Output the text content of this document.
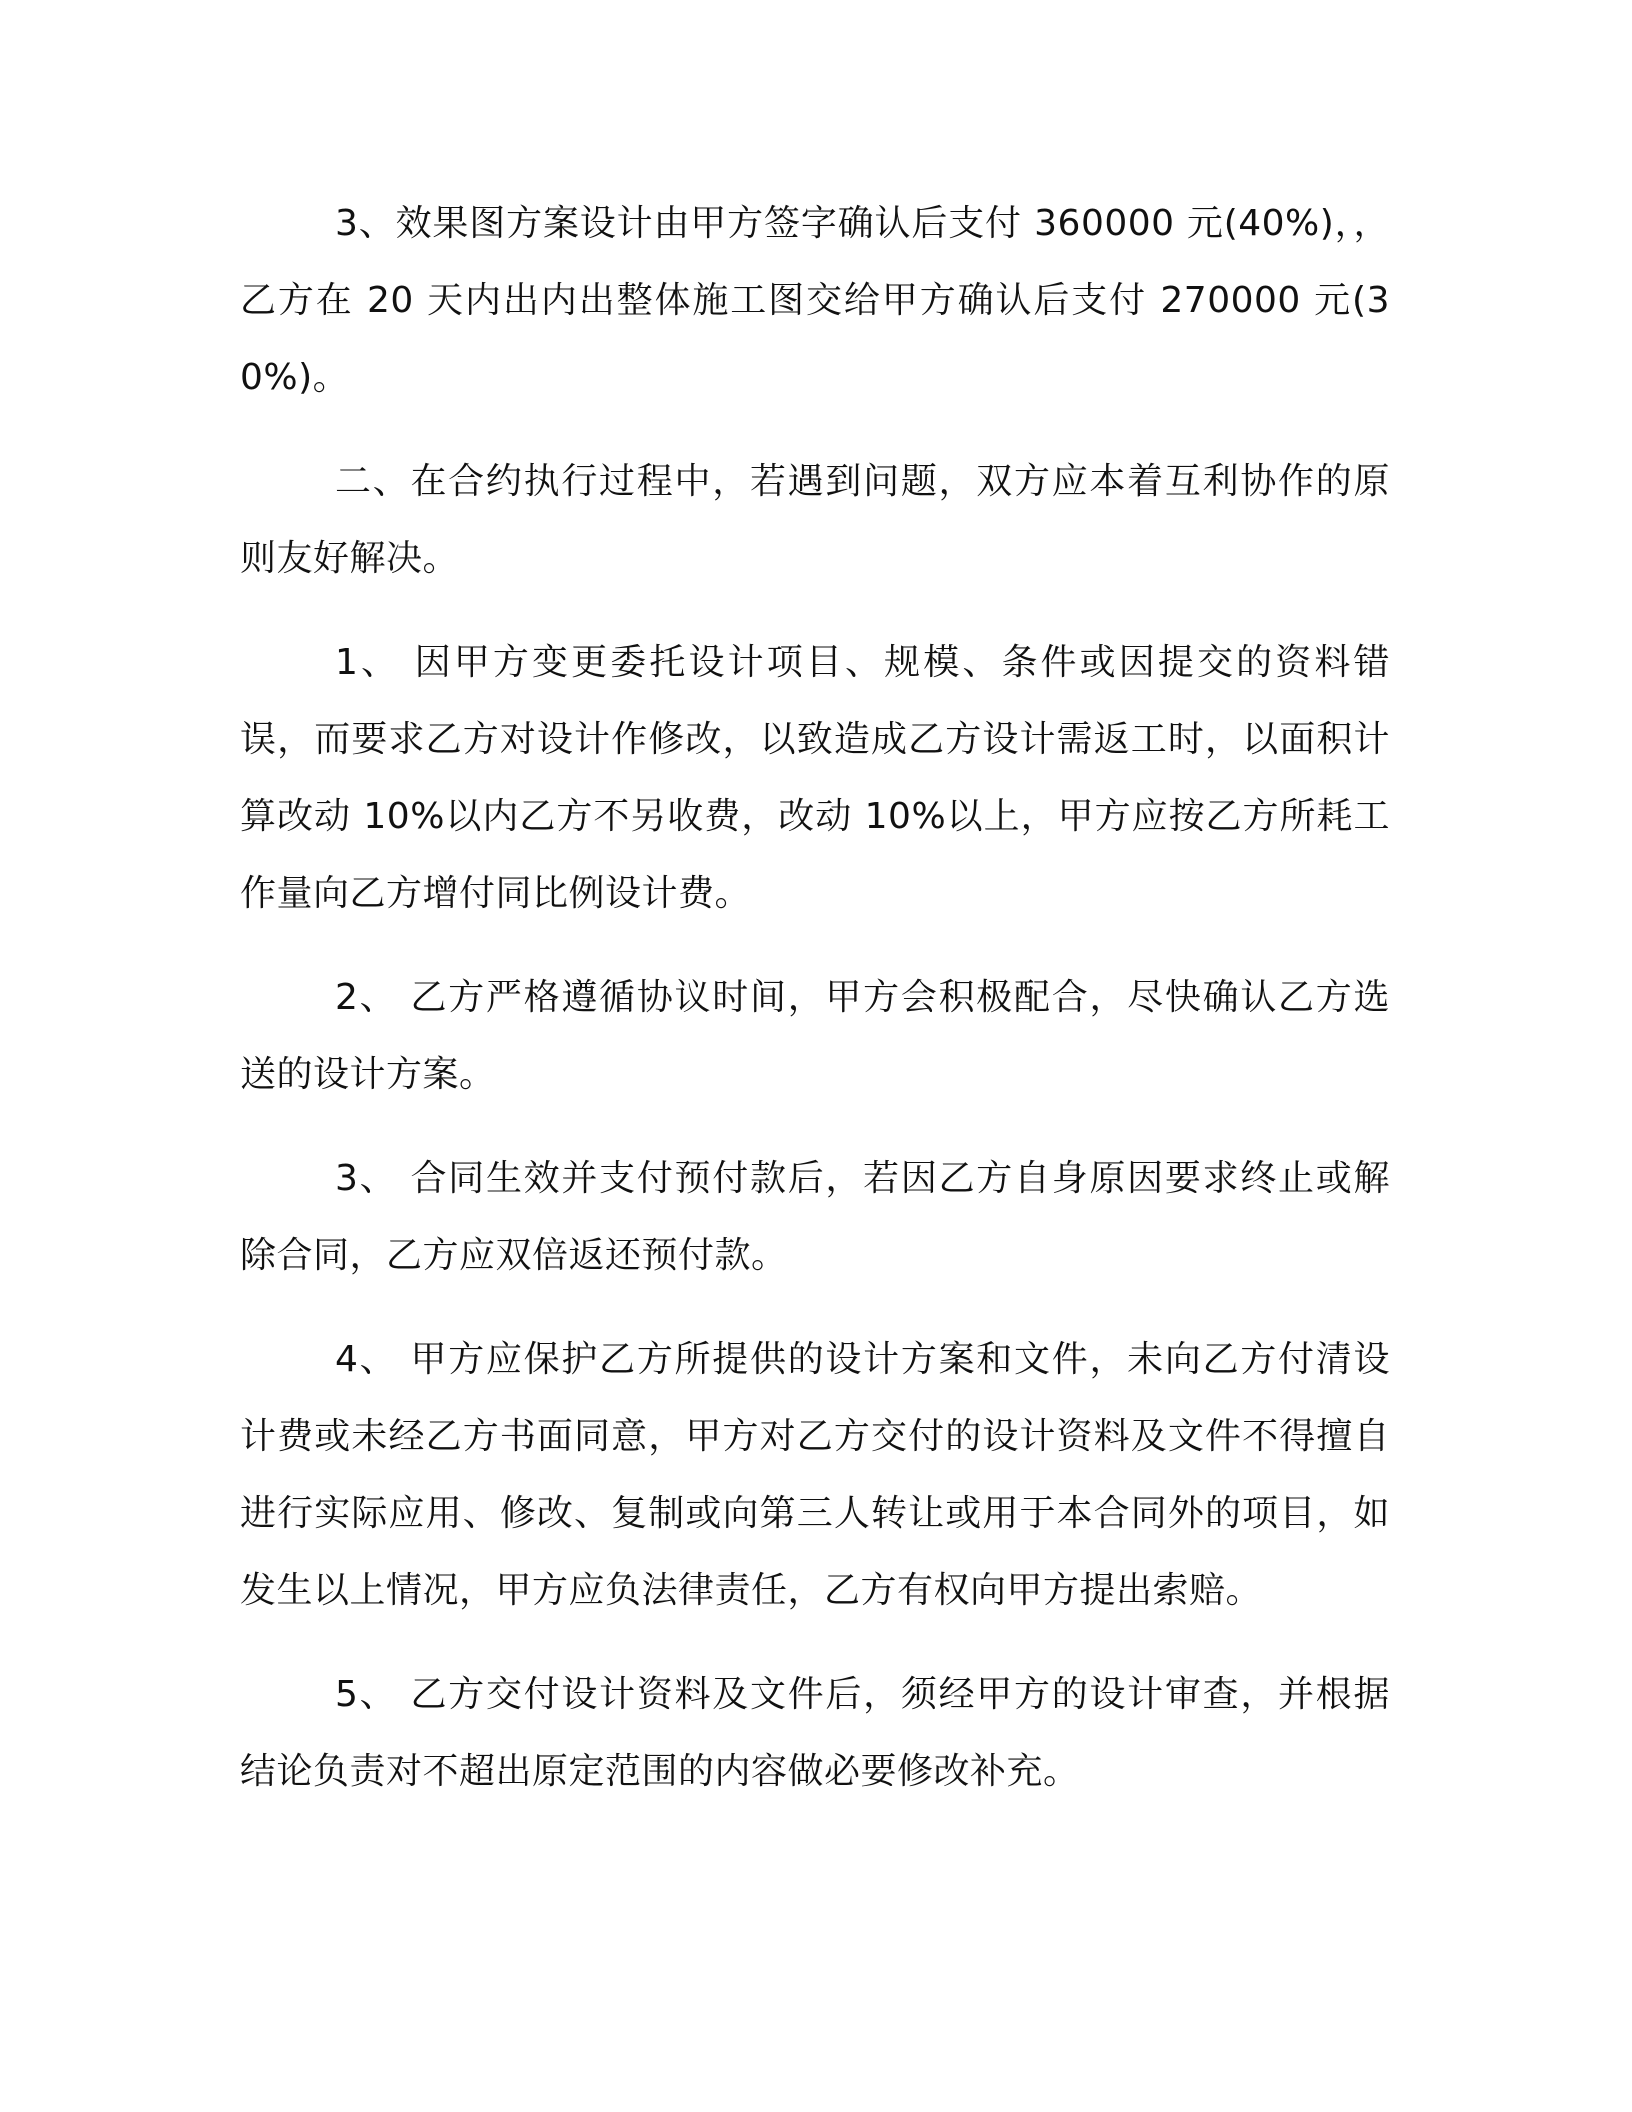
3、效果图方案设计由甲方签字确认后支付 360000 元(40%)，，乙方在 20 天内出内出整体施工图交给甲方确认后支付 270000 元(30%)。

二、在合约执行过程中，若遇到问题，双方应本着互利协作的原则友好解决。

1、 因甲方变更委托设计项目、规模、条件或因提交的资料错误，而要求乙方对设计作修改，以致造成乙方设计需返工时，以面积计算改动 10%以内乙方不另收费，改动 10%以上，甲方应按乙方所耗工作量向乙方增付同比例设计费。

2、 乙方严格遵循协议时间，甲方会积极配合，尽快确认乙方选送的设计方案。

3、 合同生效并支付预付款后，若因乙方自身原因要求终止或解除合同，乙方应双倍返还预付款。

4、 甲方应保护乙方所提供的设计方案和文件，未向乙方付清设计费或未经乙方书面同意，甲方对乙方交付的设计资料及文件不得擅自进行实际应用、修改、复制或向第三人转让或用于本合同外的项目，如发生以上情况，甲方应负法律责任，乙方有权向甲方提出索赔。

5、 乙方交付设计资料及文件后，须经甲方的设计审查，并根据结论负责对不超出原定范围的内容做必要修改补充。
